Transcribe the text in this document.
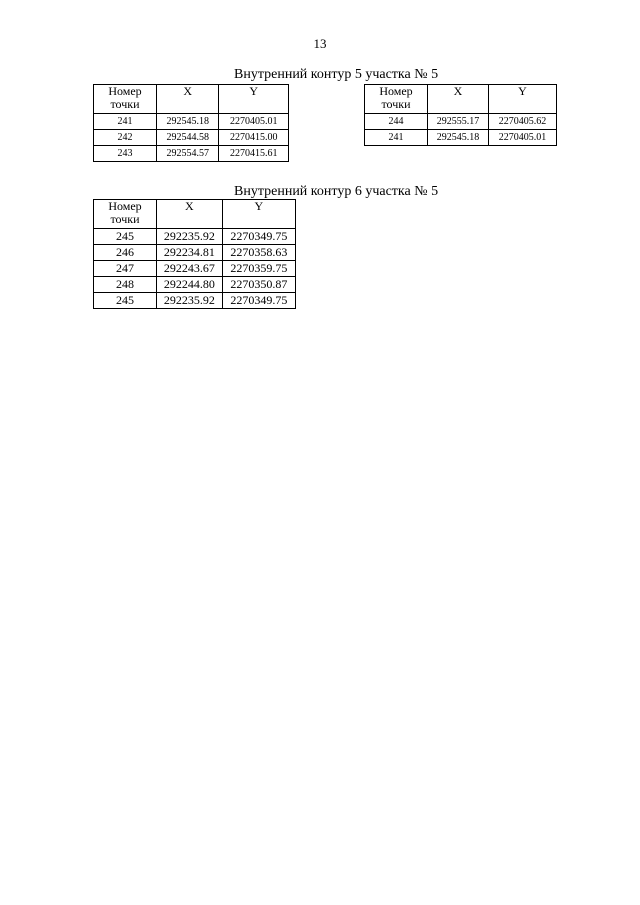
13
Внутренний контур 5 участка № 5
Номер
точки	X	Y
241	292545.18	2270405.01
242	292544.58	2270415.00
243	292554.57	2270415.61
Номер
точки	X	Y
244	292555.17	2270405.62
241	292545.18	2270405.01
Внутренний контур 6 участка № 5
Номер
точки	X	Y
245	292235.92	2270349.75
246	292234.81	2270358.63
247	292243.67	2270359.75
248	292244.80	2270350.87
245	292235.92	2270349.75
